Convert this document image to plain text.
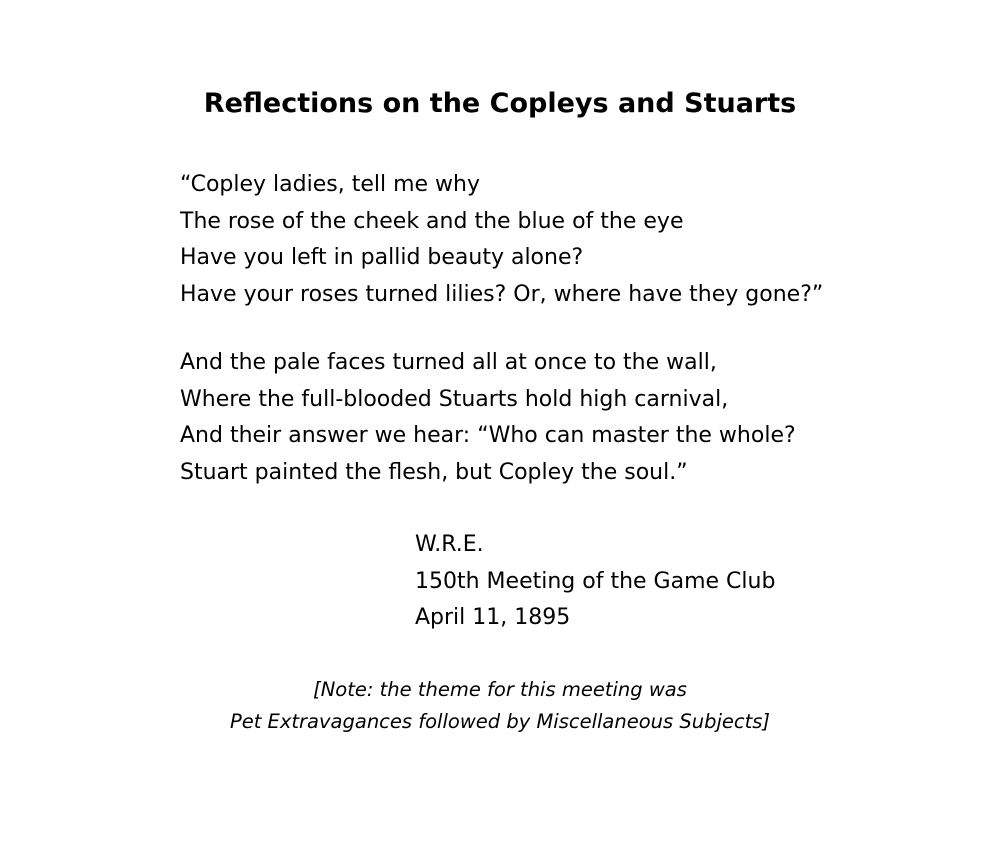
Reflections on the Copleys and Stuarts
“Copley ladies, tell me why
The rose of the cheek and the blue of the eye
Have you left in pallid beauty alone?
Have your roses turned lilies? Or, where have they gone?”
And the pale faces turned all at once to the wall,
Where the full-blooded Stuarts hold high carnival,
And their answer we hear: “Who can master the whole?
Stuart painted the flesh, but Copley the soul.”
W.R.E.
150th Meeting of the Game Club
April 11, 1895
[Note: the theme for this meeting was
Pet Extravagances followed by Miscellaneous Subjects]
